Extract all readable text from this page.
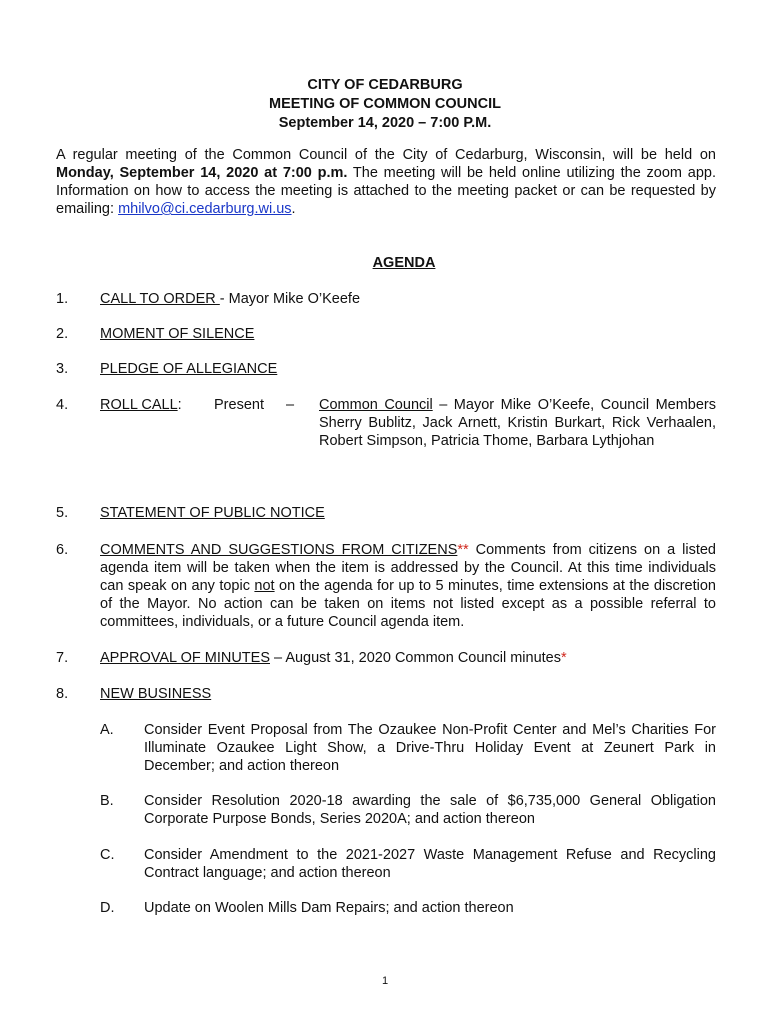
CITY OF CEDARBURG
MEETING OF COMMON COUNCIL
September 14, 2020 – 7:00 P.M.
A regular meeting of the Common Council of the City of Cedarburg, Wisconsin, will be held on Monday, September 14, 2020 at 7:00 p.m. The meeting will be held online utilizing the zoom app. Information on how to access the meeting is attached to the meeting packet or can be requested by emailing: mhilvo@ci.cedarburg.wi.us.
AGENDA
1. CALL TO ORDER - Mayor Mike O’Keefe
2. MOMENT OF SILENCE
3. PLEDGE OF ALLEGIANCE
4. ROLL CALL:	Present – Common Council – Mayor Mike O’Keefe, Council Members Sherry Bublitz, Jack Arnett, Kristin Burkart, Rick Verhaalen, Robert Simpson, Patricia Thome, Barbara Lythjohan
5. STATEMENT OF PUBLIC NOTICE
6. COMMENTS AND SUGGESTIONS FROM CITIZENS** Comments from citizens on a listed agenda item will be taken when the item is addressed by the Council. At this time individuals can speak on any topic not on the agenda for up to 5 minutes, time extensions at the discretion of the Mayor. No action can be taken on items not listed except as a possible referral to committees, individuals, or a future Council agenda item.
7. APPROVAL OF MINUTES – August 31, 2020 Common Council minutes*
8. NEW BUSINESS
A. Consider Event Proposal from The Ozaukee Non-Profit Center and Mel’s Charities For Illuminate Ozaukee Light Show, a Drive-Thru Holiday Event at Zeunert Park in December; and action thereon
B. Consider Resolution 2020-18 awarding the sale of $6,735,000 General Obligation Corporate Purpose Bonds, Series 2020A; and action thereon
C. Consider Amendment to the 2021-2027 Waste Management Refuse and Recycling Contract language; and action thereon
D. Update on Woolen Mills Dam Repairs; and action thereon
1
